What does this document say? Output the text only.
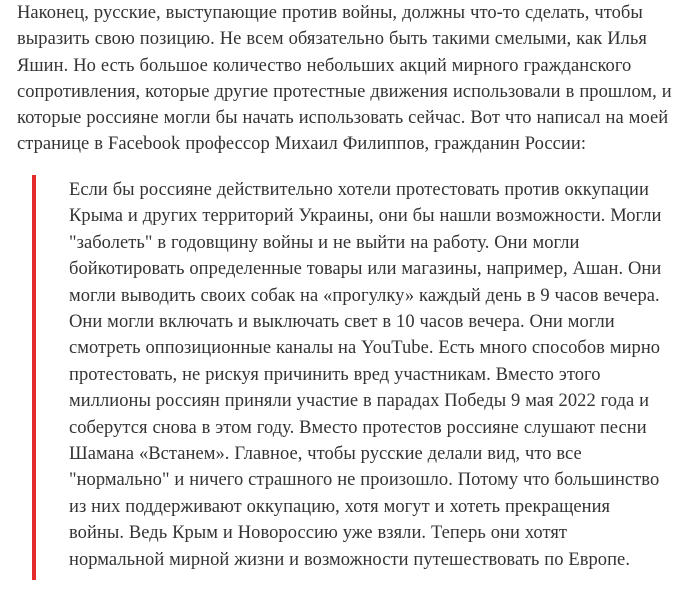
Наконец, русские, выступающие против войны, должны что-то сделать, чтобы выразить свою позицию. Не всем обязательно быть такими смелыми, как Илья Яшин. Но есть большое количество небольших акций мирного гражданского сопротивления, которые другие протестные движения использовали в прошлом, и которые россияне могли бы начать использовать сейчас. Вот что написал на моей странице в Facebook профессор Михаил Филиппов, гражданин России:

Если бы россияне действительно хотели протестовать против оккупации Крыма и других территорий Украины, они бы нашли возможности. Могли "заболеть" в годовщину войны и не выйти на работу. Они могли бойкотировать определенные товары или магазины, например, Ашан. Они могли выводить своих собак на «прогулку» каждый день в 9 часов вечера. Они могли включать и выключать свет в 10 часов вечера. Они могли смотреть оппозиционные каналы на YouTube. Есть много способов мирно протестовать, не рискуя причинить вред участникам. Вместо этого миллионы россиян приняли участие в парадах Победы 9 мая 2022 года и соберутся снова в этом году. Вместо протестов россияне слушают песни Шамана «Встанем». Главное, чтобы русские делали вид, что все "нормально" и ничего страшного не произошло. Потому что большинство из них поддерживают оккупацию, хотя могут и хотеть прекращения войны. Ведь Крым и Новороссию уже взяли. Теперь они хотят нормальной мирной жизни и возможности путешествовать по Европе.
